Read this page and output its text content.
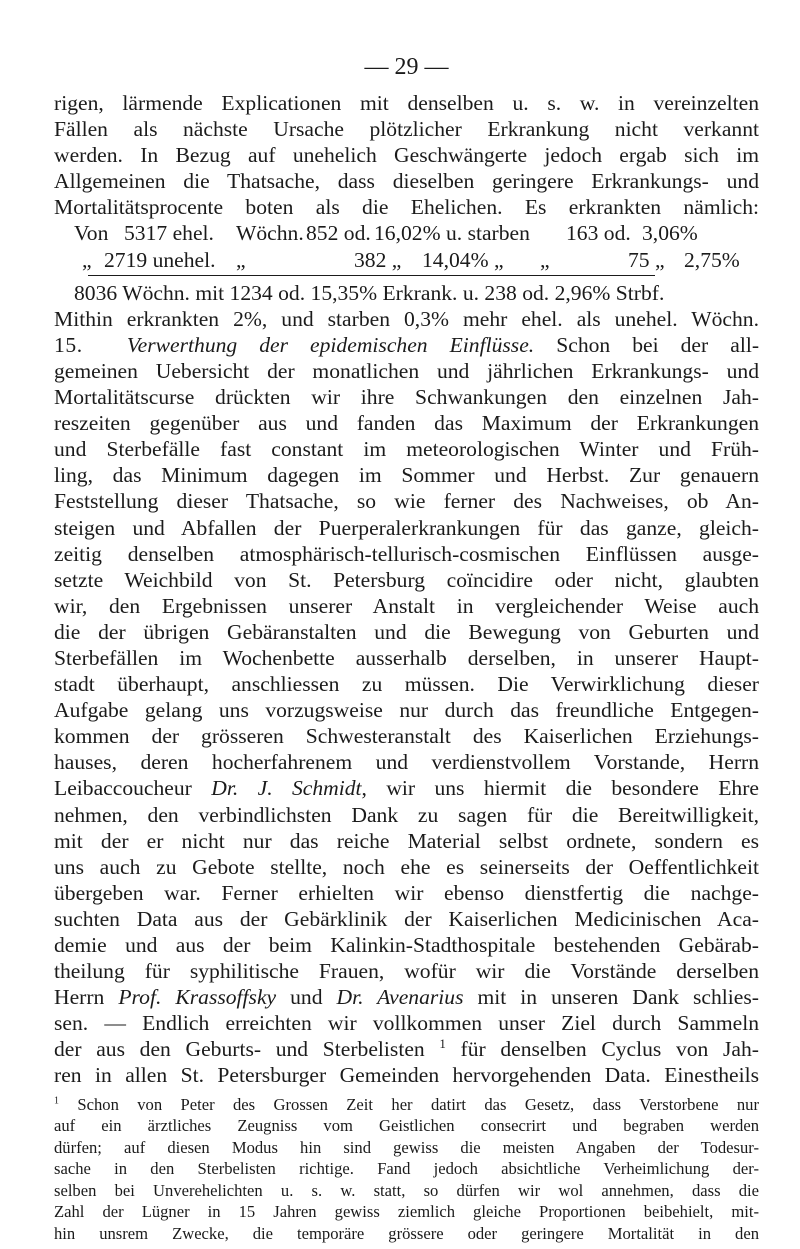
— 29 —
rigen, lärmende Explicationen mit denselben u. s. w. in vereinzelten
Fällen als nächste Ursache plötzlicher Erkrankung nicht verkannt
werden. In Bezug auf unehelich Geschwängerte jedoch ergab sich im
Allgemeinen die Thatsache, dass dieselben geringere Erkrankungs- und
Mortalitätsprocente boten als die Ehelichen. Es erkrankten nämlich:
Von 5317 ehel.	Wöchn. 852 od. 16,02% u. starben	163 od. 3,06%
„ 2719 unehel. „	382 „ 14,04% „	„	75 „ 2,75%
8036 Wöchn. mit 1234 od. 15,35% Erkrank. u. 238 od. 2,96% Strbf.
Mithin erkrankten 2%, und starben 0,3% mehr ehel. als unehel. Wöchn.
15. Verwerthung der epidemischen Einflüsse. Schon bei der all-
gemeinen Uebersicht der monatlichen und jährlichen Erkrankungs- und
Mortalitätscurse drückten wir ihre Schwankungen den einzelnen Jah-
reszeiten gegenüber aus und fanden das Maximum der Erkrankungen
und Sterbefälle fast constant im meteorologischen Winter und Früh-
ling, das Minimum dagegen im Sommer und Herbst. Zur genauern
Feststellung dieser Thatsache, so wie ferner des Nachweises, ob An-
steigen und Abfallen der Puerperalerkrankungen für das ganze, gleich-
zeitig denselben atmosphärisch-tellurisch-cosmischen Einflüssen ausge-
setzte Weichbild von St. Petersburg coïncidire oder nicht, glaubten
wir, den Ergebnissen unserer Anstalt in vergleichender Weise auch
die der übrigen Gebäranstalten und die Bewegung von Geburten und
Sterbefällen im Wochenbette ausserhalb derselben, in unserer Haupt-
stadt überhaupt, anschliessen zu müssen. Die Verwirklichung dieser
Aufgabe gelang uns vorzugsweise nur durch das freundliche Entgegen-
kommen der grösseren Schwesteranstalt des Kaiserlichen Erziehungs-
hauses, deren hocherfahrenem und verdienstvollem Vorstande, Herrn
Leibaccoucheur Dr. J. Schmidt, wir uns hiermit die besondere Ehre
nehmen, den verbindlichsten Dank zu sagen für die Bereitwilligkeit,
mit der er nicht nur das reiche Material selbst ordnete, sondern es
uns auch zu Gebote stellte, noch ehe es seinerseits der Oeffentlichkeit
übergeben war. Ferner erhielten wir ebenso dienstfertig die nachge-
suchten Data aus der Gebärklinik der Kaiserlichen Medicinischen Aca-
demie und aus der beim Kalinkin-Stadthospitale bestehenden Gebärab-
theilung für syphilitische Frauen, wofür wir die Vorstände derselben
Herrn Prof. Krassoffsky und Dr. Avenarius mit in unseren Dank schlies-
sen. — Endlich erreichten wir vollkommen unser Ziel durch Sammeln
der aus den Geburts- und Sterbelisten $^1$ für denselben Cyclus von Jah-
ren in allen St. Petersburger Gemeinden hervorgehenden Data. Einestheils
$^1$ Schon von Peter des Grossen Zeit her datirt das Gesetz, dass Verstorbene nur
auf ein ärztliches Zeugniss vom Geistlichen consecrirt und begraben werden
dürfen; auf diesen Modus hin sind gewiss die meisten Angaben der Todesur-
sache in den Sterbelisten richtige. Fand jedoch absichtliche Verheimlichung der-
selben bei Unverehelichten u. s. w. statt, so dürfen wir wol annehmen, dass die
Zahl der Lügner in 15 Jahren gewiss ziemlich gleiche Proportionen beibehielt, mit-
hin unsrem Zwecke, die temporäre grössere oder geringere Mortalität in den
